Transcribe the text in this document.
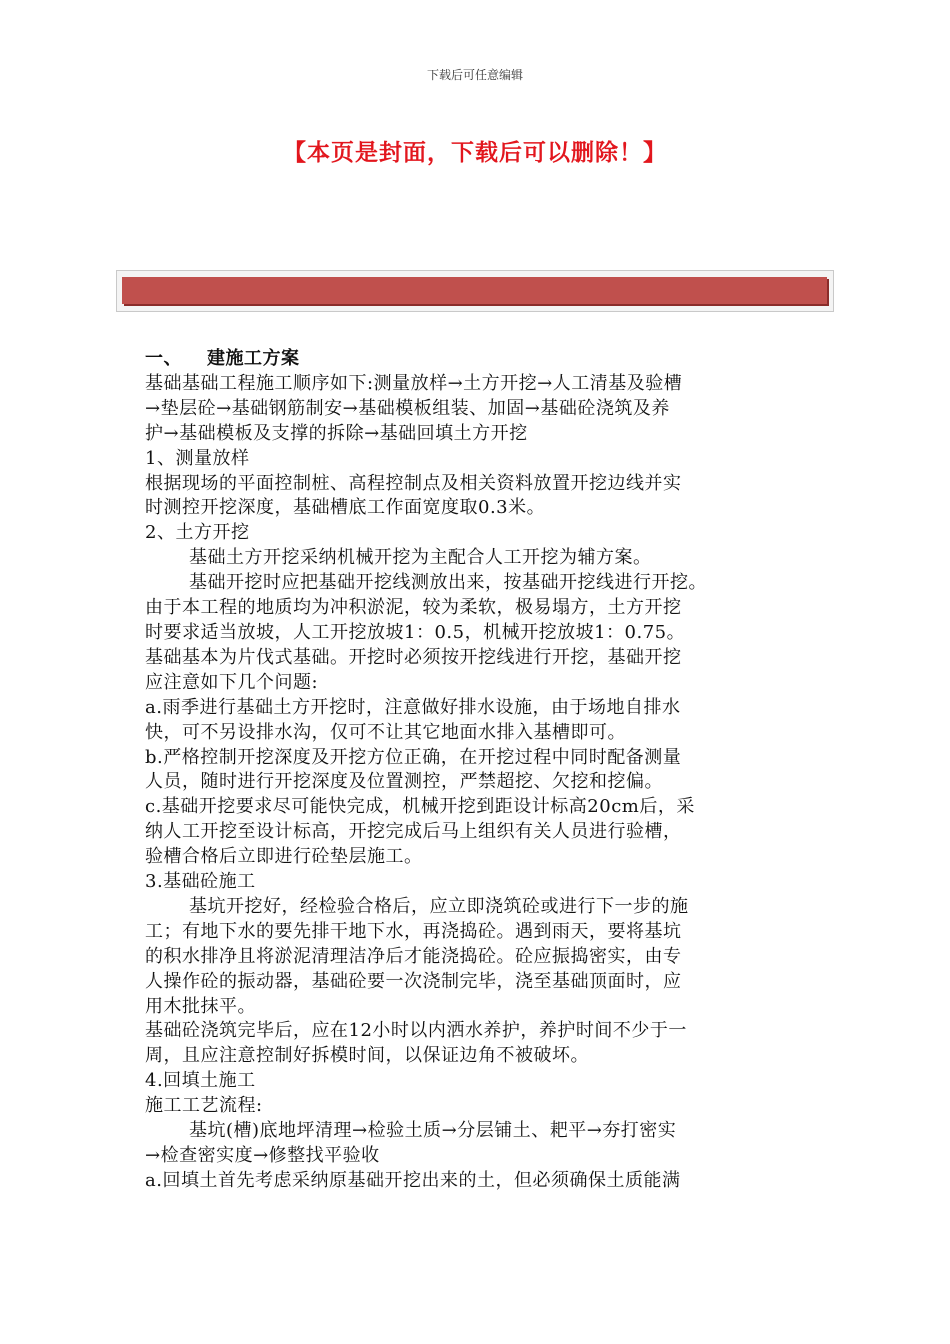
下载后可任意编辑
【本页是封面，下载后可以删除！】

一、 建施工方案

基础基础工程施工顺序如下:测量放样→土方开挖→人工清基及验槽

→垫层砼→基础钢筋制安→基础模板组装、加固→基础砼浇筑及养

护→基础模板及支撑的拆除→基础回填土方开挖

1、测量放样

根据现场的平面控制桩、高程控制点及相关资料放置开挖边线并实

时测控开挖深度，基础槽底工作面宽度取0.3米。

2、土方开挖

基础土方开挖采纳机械开挖为主配合人工开挖为辅方案。

基础开挖时应把基础开挖线测放出来，按基础开挖线进行开挖。

由于本工程的地质均为冲积淤泥，较为柔软，极易塌方，土方开挖

时要求适当放坡，人工开挖放坡1：0.5，机械开挖放坡1：0.75。

基础基本为片伐式基础。开挖时必须按开挖线进行开挖，基础开挖

应注意如下几个问题:

a.雨季进行基础土方开挖时，注意做好排水设施，由于场地自排水

快，可不另设排水沟，仅可不让其它地面水排入基槽即可。

b.严格控制开挖深度及开挖方位正确，在开挖过程中同时配备测量

人员，随时进行开挖深度及位置测控，严禁超挖、欠挖和挖偏。

c.基础开挖要求尽可能快完成，机械开挖到距设计标高20cm后，采

纳人工开挖至设计标高，开挖完成后马上组织有关人员进行验槽，

验槽合格后立即进行砼垫层施工。

3.基础砼施工

基坑开挖好，经检验合格后，应立即浇筑砼或进行下一步的施

工；有地下水的要先排干地下水，再浇捣砼。遇到雨天，要将基坑

的积水排净且将淤泥清理洁净后才能浇捣砼。砼应振捣密实，由专

人操作砼的振动器，基础砼要一次浇制完毕，浇至基础顶面时，应

用木批抹平。

基础砼浇筑完毕后，应在12小时以内洒水养护，养护时间不少于一

周，且应注意控制好拆模时间，以保证边角不被破坏。

4.回填土施工

施工工艺流程:

基坑(槽)底地坪清理→检验土质→分层铺土、耙平→夯打密实

→检查密实度→修整找平验收

a.回填土首先考虑采纳原基础开挖出来的土，但必须确保土质能满
